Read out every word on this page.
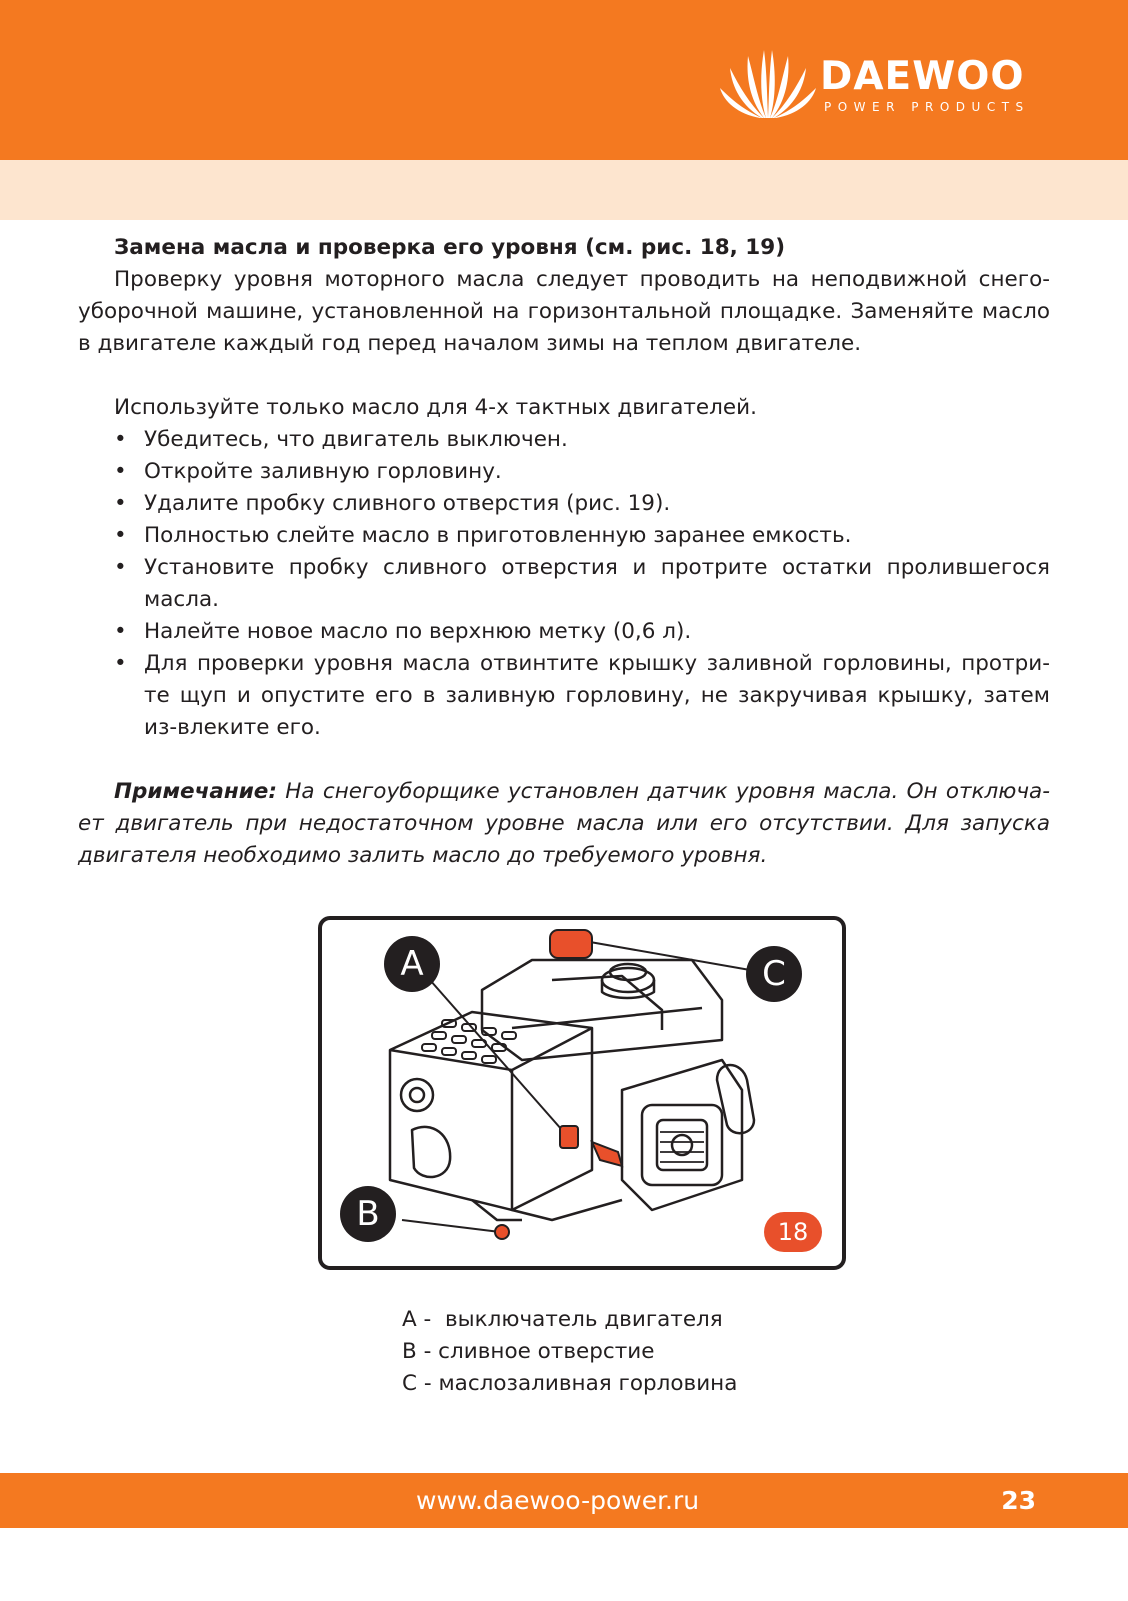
DAEWOO
POWER PRODUCTS

Замена масла и проверка его уровня (см. рис. 18, 19)

Проверку уровня моторного масла следует проводить на неподвижной снего-уборочной машине, установленной на горизонтальной площадке. Заменяйте масло в двигателе каждый год перед началом зимы на теплом двигателе.

Используйте только масло для 4-х тактных двигателей.

• Убедитесь, что двигатель выключен.
• Откройте заливную горловину.
• Удалите пробку сливного отверстия (рис. 19).
• Полностью слейте масло в приготовленную заранее емкость.
• Установите пробку сливного отверстия и протрите остатки пролившегося масла.
• Налейте новое масло по верхнюю метку (0,6 л).
• Для проверки уровня масла отвинтите крышку заливной горловины, протри-те щуп и опустите его в заливную горловину, не закручивая крышку, затем из-влеките его.

Примечание: На снегоуборщике установлен датчик уровня масла. Он отключа-ет двигатель при недостаточном уровне масла или его отсутствии. Для запуска двигателя необходимо залить масло до требуемого уровня.

A
B
C
18
A -  выключатель двигателя
B - сливное отверстие
C - маслозаливная горловина
www.daewoo-power.ru	23
